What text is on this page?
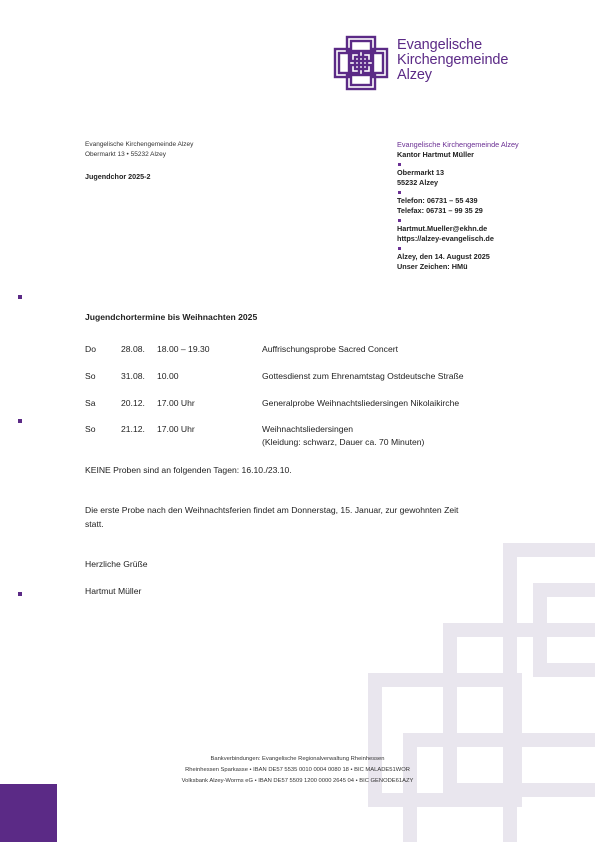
Evangelische
Kirchengemeinde
Alzey
Evangelische Kirchengemeinde Alzey
Obermarkt 13 • 55232 Alzey
Jugendchor 2025-2
Evangelische Kirchengemeinde Alzey
Kantor Hartmut Müller
Obermarkt 13
55232 Alzey
Telefon: 06731 – 55 439
Telefax: 06731 – 99 35 29
Hartmut.Mueller@ekhn.de
https://alzey-evangelisch.de
Alzey, den 14. August 2025
Unser Zeichen: HMü
Jugendchortermine bis Weihnachten 2025
Do	28.08. 18.00 – 19.30	Auffrischungsprobe Sacred Concert
So	31.08. 10.00	Gottesdienst zum Ehrenamtstag Ostdeutsche Straße
Sa	20.12. 17.00 Uhr	Generalprobe Weihnachtsliedersingen Nikolaikirche
So	21.12. 17.00 Uhr	Weihnachtsliedersingen
(Kleidung: schwarz, Dauer ca. 70 Minuten)
KEINE Proben sind an folgenden Tagen: 16.10./23.10.
Die erste Probe nach den Weihnachtsferien findet am Donnerstag, 15. Januar, zur gewohnten Zeit
statt.
Herzliche Grüße
Hartmut Müller
Bankverbindungen: Evangelische Regionalverwaltung Rheinhessen
Rheinhessen Sparkasse • IBAN DE57 5535 0010 0004 0080 18 • BIC MALADE51WOR
Volksbank Alzey-Worms eG • IBAN DE57 5509 1200 0000 2645 04 • BIC GENODE61AZY
